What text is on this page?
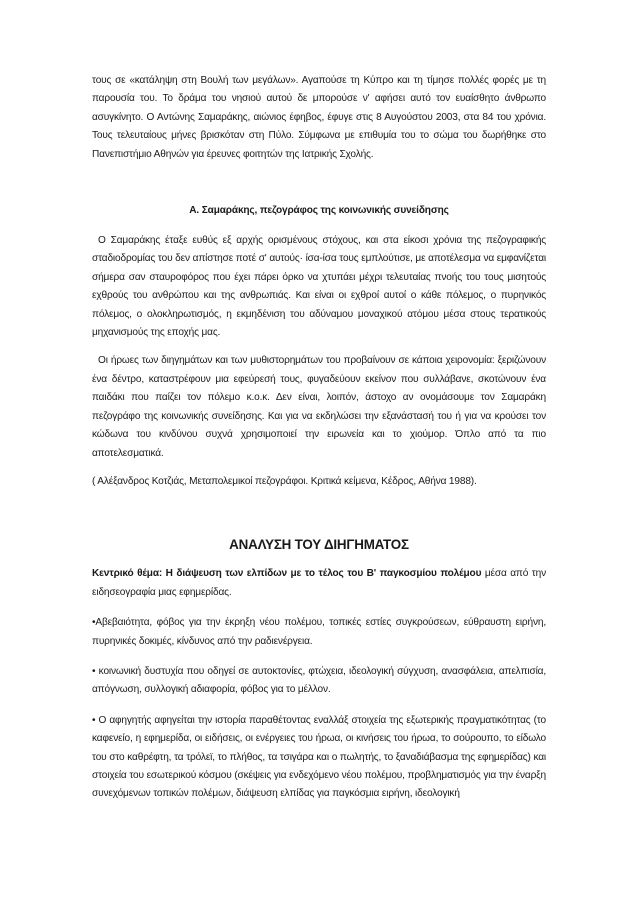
τους σε «κατάληψη στη Βουλή των μεγάλων». Αγαπούσε τη Κύπρο και τη τίμησε πολλές φορές με τη παρουσία του. Το δράμα του νησιού αυτού δε μπορούσε ν' αφήσει αυτό τον ευαίσθητο άνθρωπο ασυγκίνητο. Ο Αντώνης Σαμαράκης, αιώνιος έφηβος, έφυγε στις 8 Αυγούστου 2003, στα 84 του χρόνια. Τους τελευταίους μήνες βρισκόταν στη Πύλο. Σύμφωνα με επιθυμία του το σώμα του δωρήθηκε στο Πανεπιστήμιο Αθηνών για έρευνες φοιτητών της Ιατρικής Σχολής.

Α. Σαμαράκης, πεζογράφος της κοινωνικής συνείδησης

Ο Σαμαράκης έταξε ευθύς εξ αρχής ορισμένους στόχους, και στα είκοσι χρόνια της πεζογραφικής σταδιοδρομίας του δεν απίστησε ποτέ σ' αυτούς· ίσα-ίσα τους εμπλούτισε, με αποτέλεσμα να εμφανίζεται σήμερα σαν σταυροφόρος που έχει πάρει όρκο να χτυπάει μέχρι τελευταίας πνοής του τους μισητούς εχθρούς του ανθρώπου και της ανθρωπιάς. Και είναι οι εχθροί αυτοί ο κάθε πόλεμος, ο πυρηνικός πόλεμος, ο ολοκληρωτισμός, η εκμηδένιση του αδύναμου μοναχικού ατόμου μέσα στους τερατικούς μηχανισμούς της εποχής μας.

Οι ήρωες των διηγημάτων και των μυθιστορημάτων του προβαίνουν σε κάποια χειρονομία: ξεριζώνουν ένα δέντρο, καταστρέφουν μια εφεύρεσή τους, φυγαδεύουν εκείνον που συλλάβανε, σκοτώνουν ένα παιδάκι που παίζει τον πόλεμο κ.ο.κ. Δεν είναι, λοιπόν, άστοχο αν ονομάσουμε τον Σαμαράκη πεζογράφο της κοινωνικής συνείδησης. Και για να εκδηλώσει την εξανάστασή του ή για να κρούσει τον κώδωνα του κινδύνου συχνά χρησιμοποιεί την ειρωνεία και το χιούμορ. Όπλο από τα πιο αποτελεσματικά.

( Αλέξανδρος Κοτζιάς, Μεταπολεμικοί πεζογράφοι. Κριτικά κείμενα, Κέδρος, Αθήνα 1988).

ΑΝΑΛΥΣΗ ΤΟΥ ΔΙΗΓΗΜΑΤΟΣ

Κεντρικό θέμα: Η διάψευση των ελπίδων με το τέλος του Β' παγκοσμίου πολέμου μέσα από την ειδησεογραφία μιας εφημερίδας.

•Αβεβαιότητα, φόβος για την έκρηξη νέου πολέμου, τοπικές εστίες συγκρούσεων, εύθραυστη ειρήνη, πυρηνικές δοκιμές, κίνδυνος από την ραδιενέργεια.

• κοινωνική δυστυχία που οδηγεί σε αυτοκτονίες, φτώχεια, ιδεολογική σύγχυση, ανασφάλεια, απελπισία, απόγνωση, συλλογική αδιαφορία, φόβος για το μέλλον.

• Ο αφηγητής αφηγείται την ιστορία παραθέτοντας εναλλάξ στοιχεία της εξωτερικής πραγματικότητας (το καφενείο, η εφημερίδα, οι ειδήσεις, οι ενέργειες του ήρωα, οι κινήσεις του ήρωα, το σούρουπο, το είδωλο του στο καθρέφτη, τα τρόλεϊ, το πλήθος, τα τσιγάρα και ο πωλητής, το ξαναδιάβασμα της εφημερίδας) και στοιχεία του εσωτερικού κόσμου (σκέψεις για ενδεχόμενο νέου πολέμου, προβληματισμός για την έναρξη συνεχόμενων τοπικών πολέμων, διάψευση ελπίδας για παγκόσμια ειρήνη, ιδεολογική
